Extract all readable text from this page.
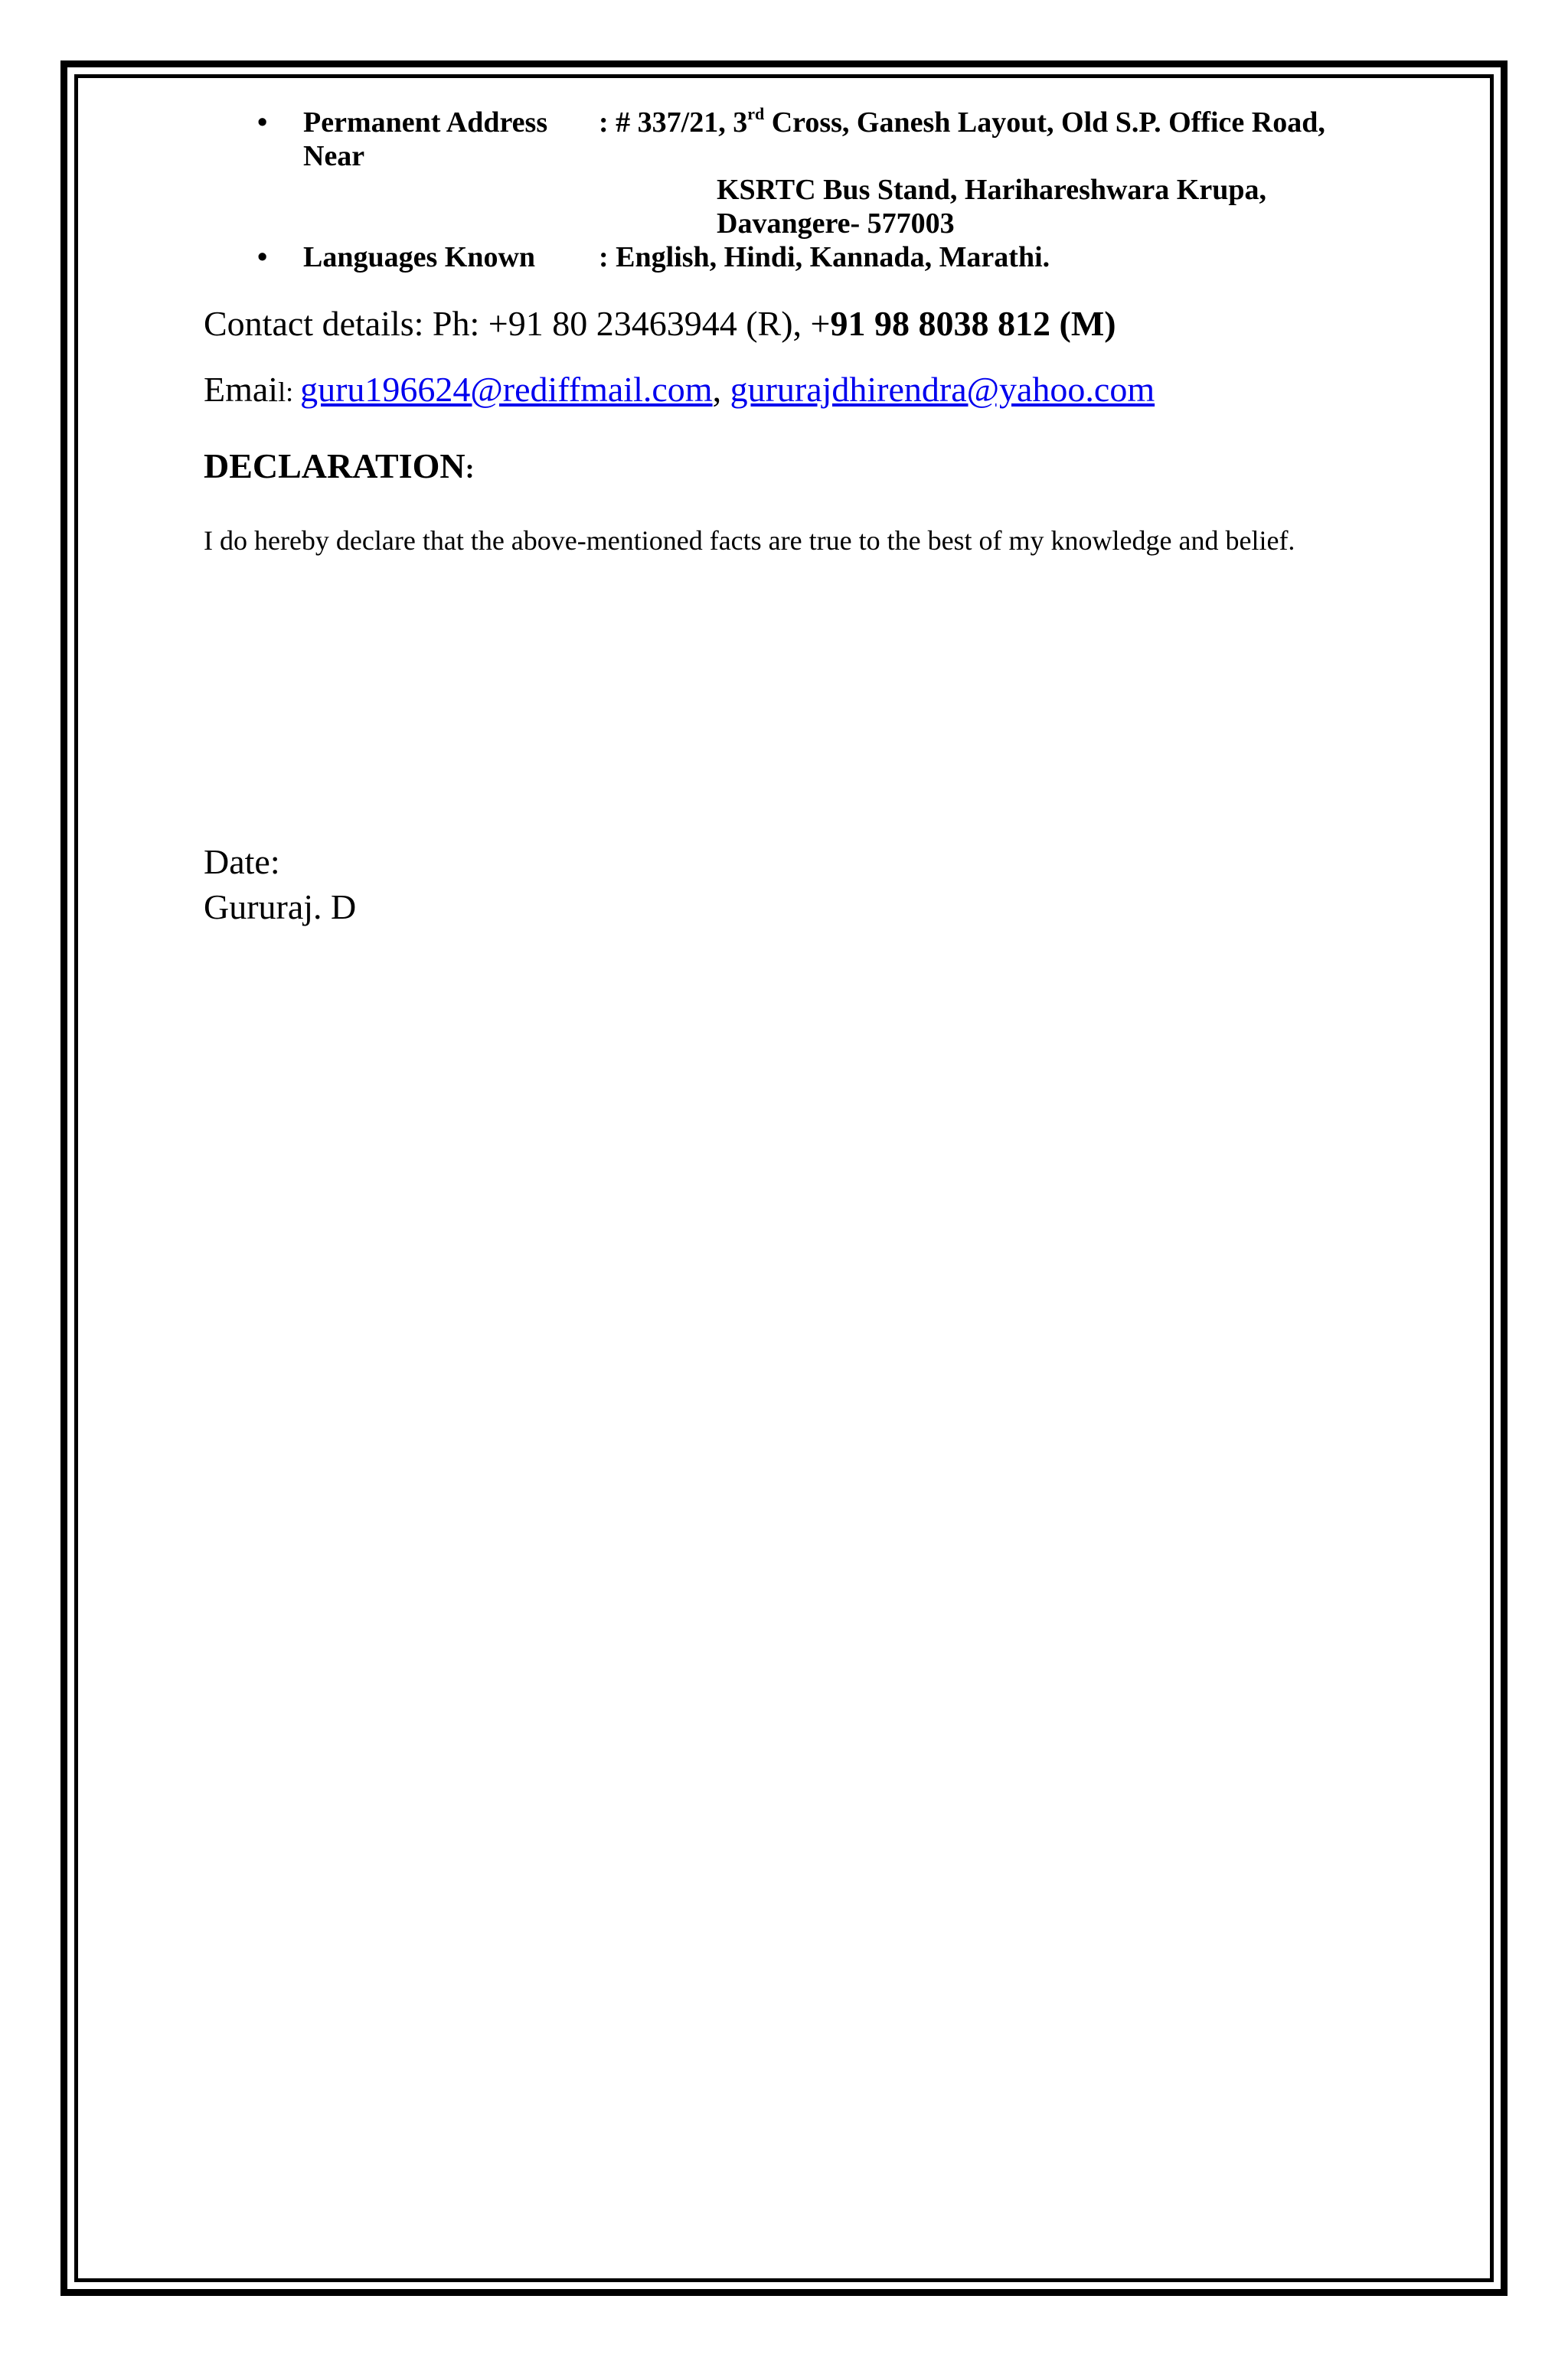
• Permanent Address : # 337/21, 3rd Cross, Ganesh Layout, Old S.P. Office Road, Near
KSRTC Bus Stand, Harihareshwara Krupa, Davangere- 577003
• Languages Known : English, Hindi, Kannada, Marathi.
Contact details: Ph: +91 80 23463944 (R), +91 98 8038 812 (M)
Email: guru196624@rediffmail.com, gururajdhirendra@yahoo.com
DECLARATION:
I do hereby declare that the above-mentioned facts are true to the best of my knowledge and belief.
Date:
Gururaj. D
